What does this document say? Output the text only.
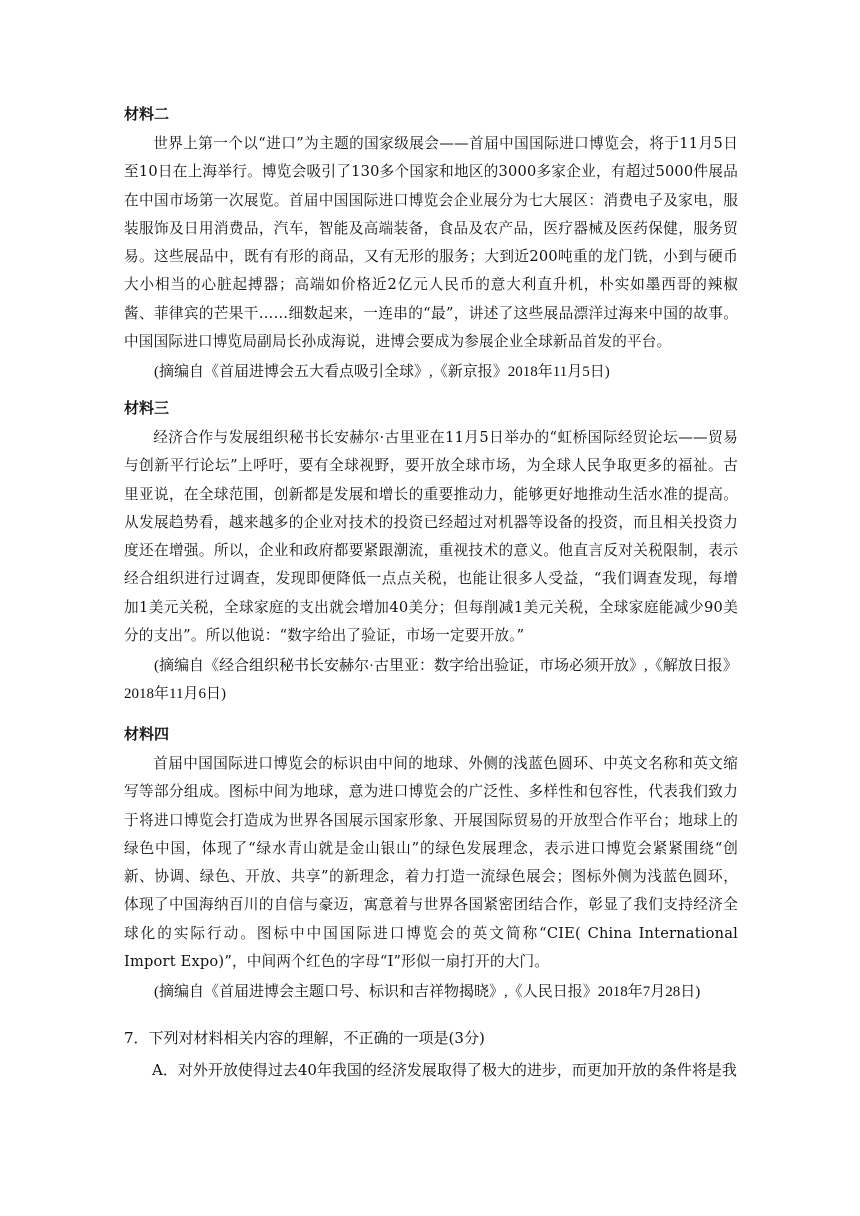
材料二

世界上第一个以“进口”为主题的国家级展会——首届中国国际进口博览会，将于11月5日至10日在上海举行。博览会吸引了130多个国家和地区的3000多家企业，有超过5000件展品在中国市场第一次展览。首届中国国际进口博览会企业展分为七大展区：消费电子及家电，服装服饰及日用消费品，汽车，智能及高端装备，食品及农产品，医疗器械及医药保健，服务贸易。这些展品中，既有有形的商品，又有无形的服务；大到近200吨重的龙门铣，小到与硬币大小相当的心脏起搏器；高端如价格近2亿元人民币的意大利直升机，朴实如墨西哥的辣椒酱、菲律宾的芒果干……细数起来，一连串的“最”，讲述了这些展品漂洋过海来中国的故事。中国国际进口博览局副局长孙成海说，进博会要成为参展企业全球新品首发的平台。

(摘编自《首届进博会五大看点吸引全球》,《新京报》2018年11月5日)

材料三

经济合作与发展组织秘书长安赫尔·古里亚在11月5日举办的“虹桥国际经贸论坛——贸易与创新平行论坛”上呼吁，要有全球视野，要开放全球市场，为全球人民争取更多的福祉。古里亚说，在全球范围，创新都是发展和增长的重要推动力，能够更好地推动生活水准的提高。从发展趋势看，越来越多的企业对技术的投资已经超过对机器等设备的投资，而且相关投资力度还在增强。所以，企业和政府都要紧跟潮流，重视技术的意义。他直言反对关税限制，表示经合组织进行过调查，发现即便降低一点点关税，也能让很多人受益，“我们调查发现，每增加1美元关税，全球家庭的支出就会增加40美分；但每削减1美元关税，全球家庭能减少90美分的支出”。所以他说：“数字给出了验证，市场一定要开放。”

(摘编自《经合组织秘书长安赫尔·古里亚：数字给出验证，市场必须开放》,《解放日报》2018年11月6日)

材料四

首届中国国际进口博览会的标识由中间的地球、外侧的浅蓝色圆环、中英文名称和英文缩写等部分组成。图标中间为地球，意为进口博览会的广泛性、多样性和包容性，代表我们致力于将进口博览会打造成为世界各国展示国家形象、开展国际贸易的开放型合作平台；地球上的绿色中国，体现了“绿水青山就是金山银山”的绿色发展理念，表示进口博览会紧紧围绕“创新、协调、绿色、开放、共享”的新理念，着力打造一流绿色展会；图标外侧为浅蓝色圆环，体现了中国海纳百川的自信与豪迈，寓意着与世界各国紧密团结合作，彰显了我们支持经济全球化的实际行动。图标中中国国际进口博览会的英文简称“CIE( China International Import Expo)”，中间两个红色的字母“I”形似一扇打开的大门。

(摘编自《首届进博会主题口号、标识和吉祥物揭晓》,《人民日报》2018年7月28日)

7．下列对材料相关内容的理解，不正确的一项是(3分)
A．对外开放使得过去40年我国的经济发展取得了极大的进步，而更加开放的条件将是我
